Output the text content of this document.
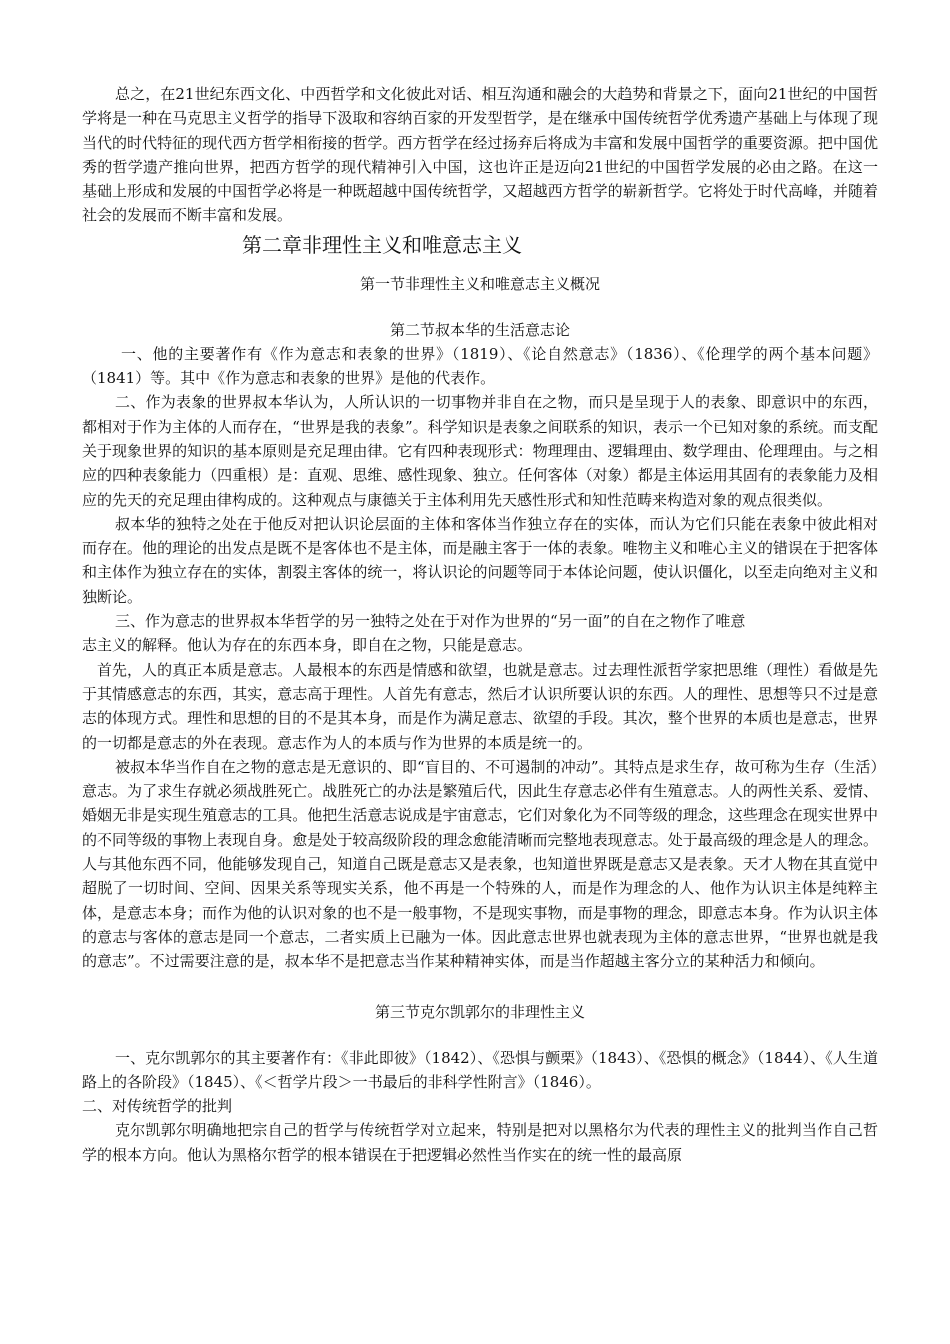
总之，在21世纪东西文化、中西哲学和文化彼此对话、相互沟通和融会的大趋势和背景之下，面向21世纪的中国哲学将是一种在马克思主义哲学的指导下汲取和容纳百家的开发型哲学，是在继承中国传统哲学优秀遗产基础上与体现了现当代的时代特征的现代西方哲学相衔接的哲学。西方哲学在经过扬弃后将成为丰富和发展中国哲学的重要资源。把中国优秀的哲学遗产推向世界，把西方哲学的现代精神引入中国，这也许正是迈向21世纪的中国哲学发展的必由之路。在这一基础上形成和发展的中国哲学必将是一种既超越中国传统哲学，又超越西方哲学的崭新哲学。它将处于时代高峰，并随着社会的发展而不断丰富和发展。

第二章非理性主义和唯意志主义
第一节非理性主义和唯意志主义概况
第二节叔本华的生活意志论

一、他的主要著作有《作为意志和表象的世界》（1819）、《论自然意志》（1836）、《伦理学的两个基本问题》（1841）等。其中《作为意志和表象的世界》是他的代表作。

二、作为表象的世界叔本华认为，人所认识的一切事物并非自在之物，而只是呈现于人的表象、即意识中的东西，都相对于作为主体的人而存在，“世界是我的表象”。科学知识是表象之间联系的知识，表示一个已知对象的系统。而支配关于现象世界的知识的基本原则是充足理由律。它有四种表现形式：物理理由、逻辑理由、数学理由、伦理理由。与之相应的四种表象能力（四重根）是：直观、思维、感性现象、独立。任何客体（对象）都是主体运用其固有的表象能力及相应的先天的充足理由律构成的。这种观点与康德关于主体利用先天感性形式和知性范畴来构造对象的观点很类似。

叔本华的独特之处在于他反对把认识论层面的主体和客体当作独立存在的实体，而认为它们只能在表象中彼此相对而存在。他的理论的出发点是既不是客体也不是主体，而是融主客于一体的表象。唯物主义和唯心主义的错误在于把客体和主体作为独立存在的实体，割裂主客体的统一，将认识论的问题等同于本体论问题，使认识僵化，以至走向绝对主义和独断论。

三、作为意志的世界叔本华哲学的另一独特之处在于对作为世界的“另一面”的自在之物作了唯意

志主义的解释。他认为存在的东西本身，即自在之物，只能是意志。

首先，人的真正本质是意志。人最根本的东西是情感和欲望，也就是意志。过去理性派哲学家把思维（理性）看做是先于其情感意志的东西，其实，意志高于理性。人首先有意志，然后才认识所要认识的东西。人的理性、思想等只不过是意志的体现方式。理性和思想的目的不是其本身，而是作为满足意志、欲望的手段。其次，整个世界的本质也是意志，世界的一切都是意志的外在表现。意志作为人的本质与作为世界的本质是统一的。

被叔本华当作自在之物的意志是无意识的、即“盲目的、不可遏制的冲动”。其特点是求生存，故可称为生存（生活）意志。为了求生存就必须战胜死亡。战胜死亡的办法是繁殖后代，因此生存意志必伴有生殖意志。人的两性关系、爱情、婚姻无非是实现生殖意志的工具。他把生活意志说成是宇宙意志，它们对象化为不同等级的理念，这些理念在现实世界中的不同等级的事物上表现自身。愈是处于较高级阶段的理念愈能清晰而完整地表现意志。处于最高级的理念是人的理念。人与其他东西不同，他能够发现自己，知道自己既是意志又是表象，也知道世界既是意志又是表象。天才人物在其直觉中超脱了一切时间、空间、因果关系等现实关系，他不再是一个特殊的人，而是作为理念的人、他作为认识主体是纯粹主体，是意志本身；而作为他的认识对象的也不是一般事物，不是现实事物，而是事物的理念，即意志本身。作为认识主体的意志与客体的意志是同一个意志，二者实质上已融为一体。因此意志世界也就表现为主体的意志世界，“世界也就是我的意志”。不过需要注意的是，叔本华不是把意志当作某种精神实体，而是当作超越主客分立的某种活力和倾向。

第三节克尔凯郭尔的非理性主义

一、克尔凯郭尔的其主要著作有：《非此即彼》（1842）、《恐惧与颤栗》（1843）、《恐惧的概念》（1844）、《人生道路上的各阶段》（1845）、《＜哲学片段＞一书最后的非科学性附言》（1846）。

二、对传统哲学的批判

克尔凯郭尔明确地把宗自己的哲学与传统哲学对立起来，特别是把对以黑格尔为代表的理性主义的批判当作自己哲学的根本方向。他认为黑格尔哲学的根本错误在于把逻辑必然性当作实在的统一性的最高原
